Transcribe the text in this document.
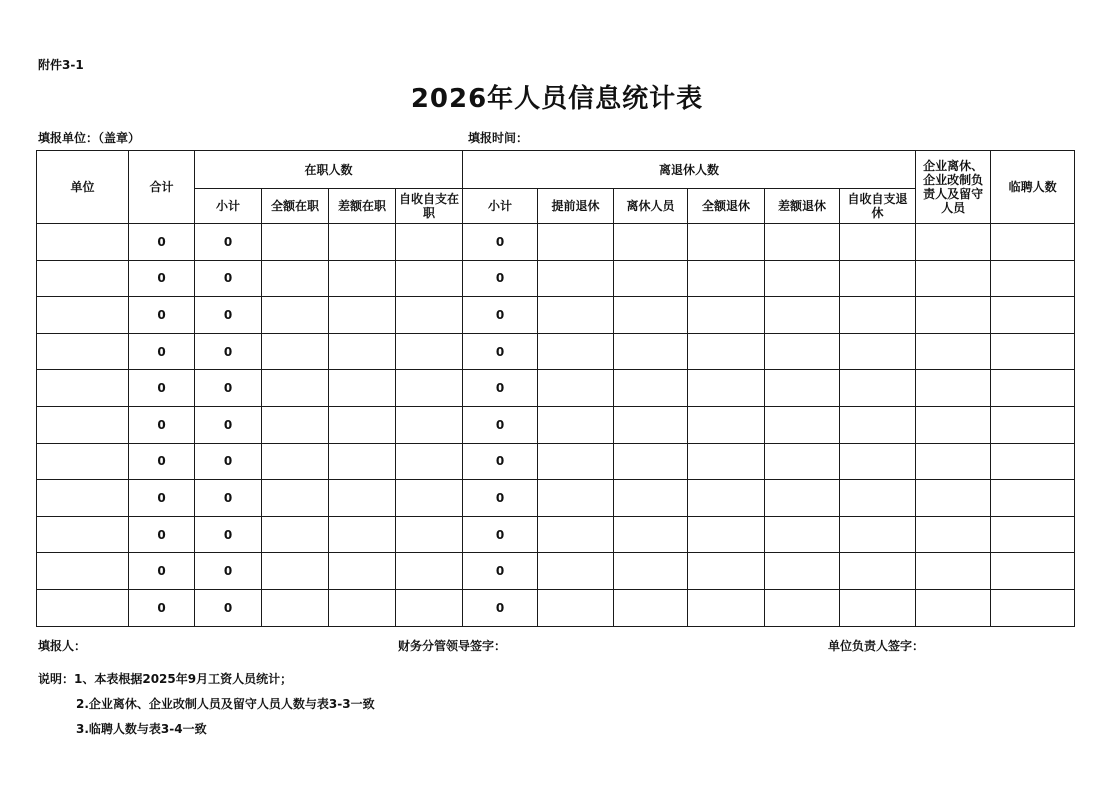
附件3-1
2026年人员信息统计表
填报单位：（盖章）	填报时间：
单位	合计	在职人数				离退休人数						企业离休、企业改制负责人及留守人员	临聘人数
		小计	全额在职	差额在职	自收自支在职	小计	提前退休	离休人员	全额退休	差额退休	自收自支退休		
	0	0				0							
	0	0				0							
	0	0				0							
	0	0				0							
	0	0				0							
	0	0				0							
	0	0				0							
	0	0				0							
	0	0				0							
	0	0				0							
	0	0				0							
填报人：	财务分管领导签字：	单位负责人签字：
说明：1、本表根据2025年9月工资人员统计；
2.企业离休、企业改制人员及留守人员人数与表3-3一致
3.临聘人数与表3-4一致
